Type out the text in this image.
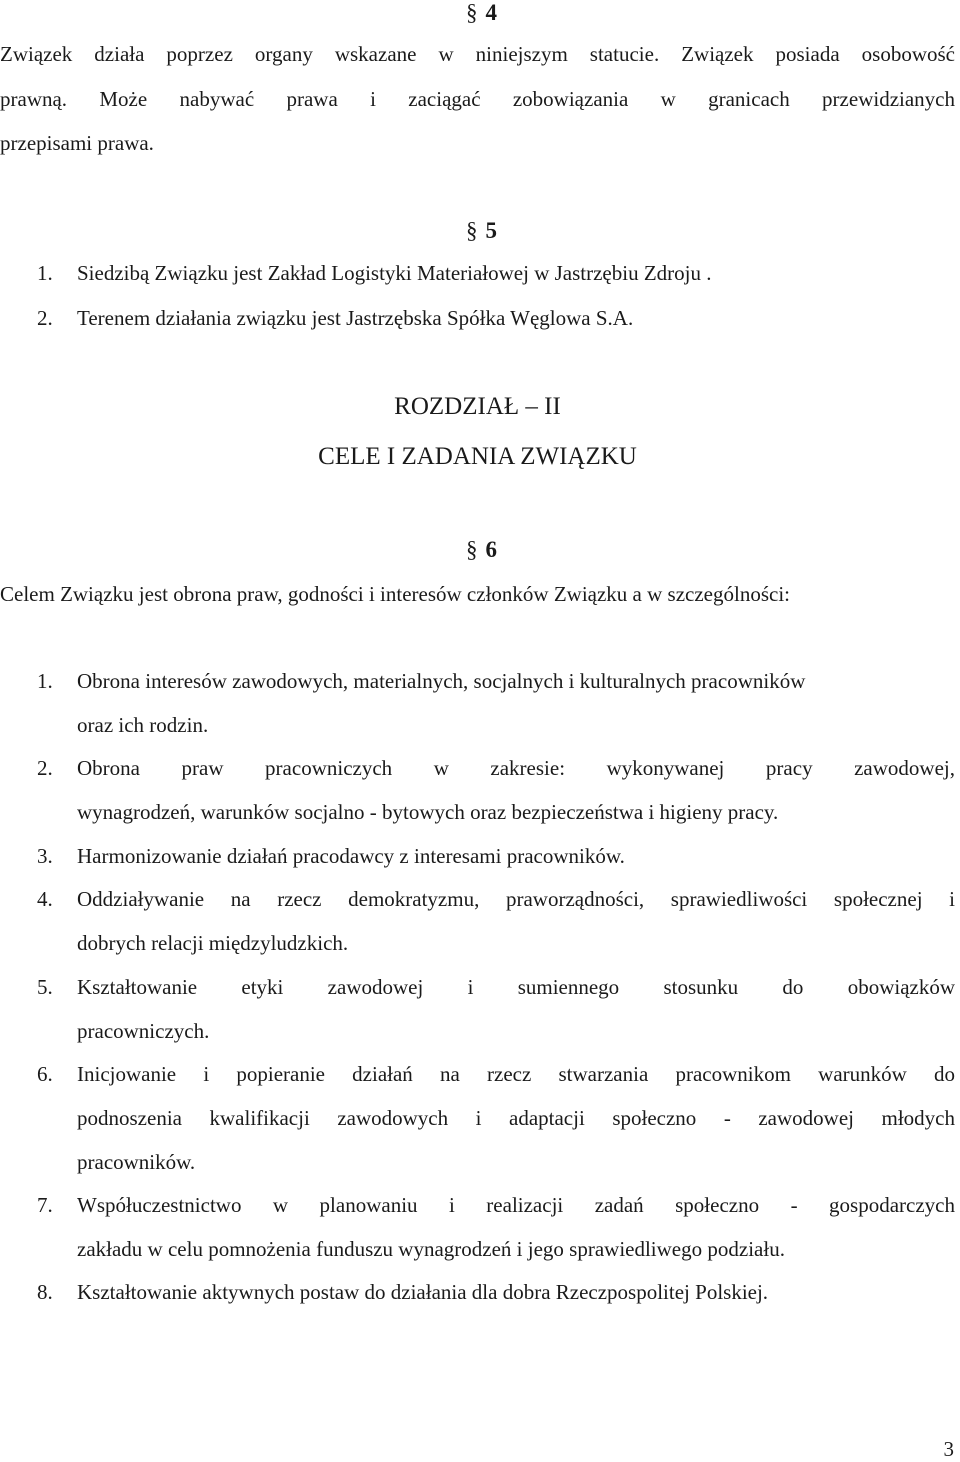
§ 4
Związek działa poprzez organy wskazane w niniejszym statucie. Związek posiada osobowość
prawną. Może nabywać prawa i zaciągać zobowiązania w granicach przewidzianych
przepisami prawa.
§ 5
1. Siedzibą Związku jest Zakład Logistyki Materiałowej w Jastrzębiu Zdroju .
2. Terenem działania związku jest Jastrzębska Spółka Węglowa S.A.
ROZDZIAŁ – II
CELE I ZADANIA ZWIĄZKU
§ 6
Celem Związku jest obrona praw, godności i interesów członków Związku a w szczególności:
1. Obrona interesów zawodowych, materialnych, socjalnych i kulturalnych pracowników
oraz ich rodzin.
2. Obrona praw pracowniczych w zakresie: wykonywanej pracy zawodowej,
wynagrodzeń, warunków socjalno - bytowych oraz bezpieczeństwa i higieny pracy.
3. Harmonizowanie działań pracodawcy z interesami pracowników.
4. Oddziaływanie na rzecz demokratyzmu, praworządności, sprawiedliwości społecznej i
dobrych relacji międzyludzkich.
5. Kształtowanie etyki zawodowej i sumiennego stosunku do obowiązków
pracowniczych.
6. Inicjowanie i popieranie działań na rzecz stwarzania pracownikom warunków do
podnoszenia kwalifikacji zawodowych i adaptacji społeczno - zawodowej młodych
pracowników.
7. Współuczestnictwo w planowaniu i realizacji zadań społeczno - gospodarczych
zakładu w celu pomnożenia funduszu wynagrodzeń i jego sprawiedliwego podziału.
8. Kształtowanie aktywnych postaw do działania dla dobra Rzeczpospolitej Polskiej.
3
